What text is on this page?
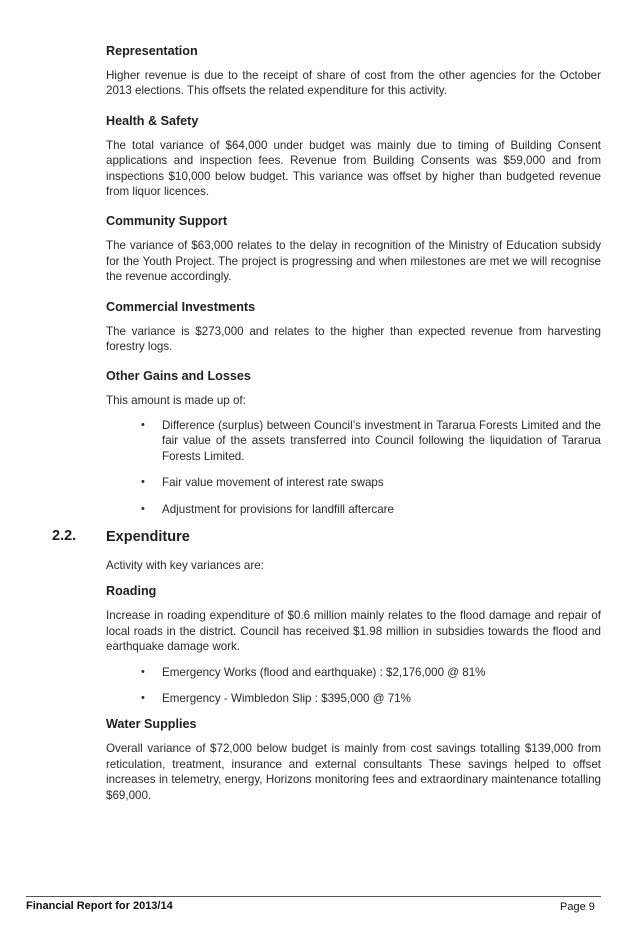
Representation

Higher revenue is due to the receipt of share of cost from the other agencies for the October 2013 elections. This offsets the related expenditure for this activity.

Health & Safety

The total variance of $64,000 under budget was mainly due to timing of Building Consent applications and inspection fees. Revenue from Building Consents was $59,000 and from inspections $10,000 below budget. This variance was offset by higher than budgeted revenue from liquor licences.

Community Support

The variance of $63,000 relates to the delay in recognition of the Ministry of Education subsidy for the Youth Project. The project is progressing and when milestones are met we will recognise the revenue accordingly.

Commercial Investments

The variance is $273,000 and relates to the higher than expected revenue from harvesting forestry logs.

Other Gains and Losses

This amount is made up of:

• Difference (surplus) between Council’s investment in Tararua Forests Limited and the fair value of the assets transferred into Council following the liquidation of Tararua Forests Limited.
• Fair value movement of interest rate swaps
• Adjustment for provisions for landfill aftercare
2.2. Expenditure

Activity with key variances are:

Roading

Increase in roading expenditure of $0.6 million mainly relates to the flood damage and repair of local roads in the district. Council has received $1.98 million in subsidies towards the flood and earthquake damage work.

• Emergency Works (flood and earthquake) : $2,176,000 @ 81%
• Emergency - Wimbledon Slip : $395,000 @ 71%
Water Supplies

Overall variance of $72,000 below budget is mainly from cost savings totalling $139,000 from reticulation, treatment, insurance and external consultants These savings helped to offset increases in telemetry, energy, Horizons monitoring fees and extraordinary maintenance totalling $69,000.

Financial Report for 2013/14	Page 9
